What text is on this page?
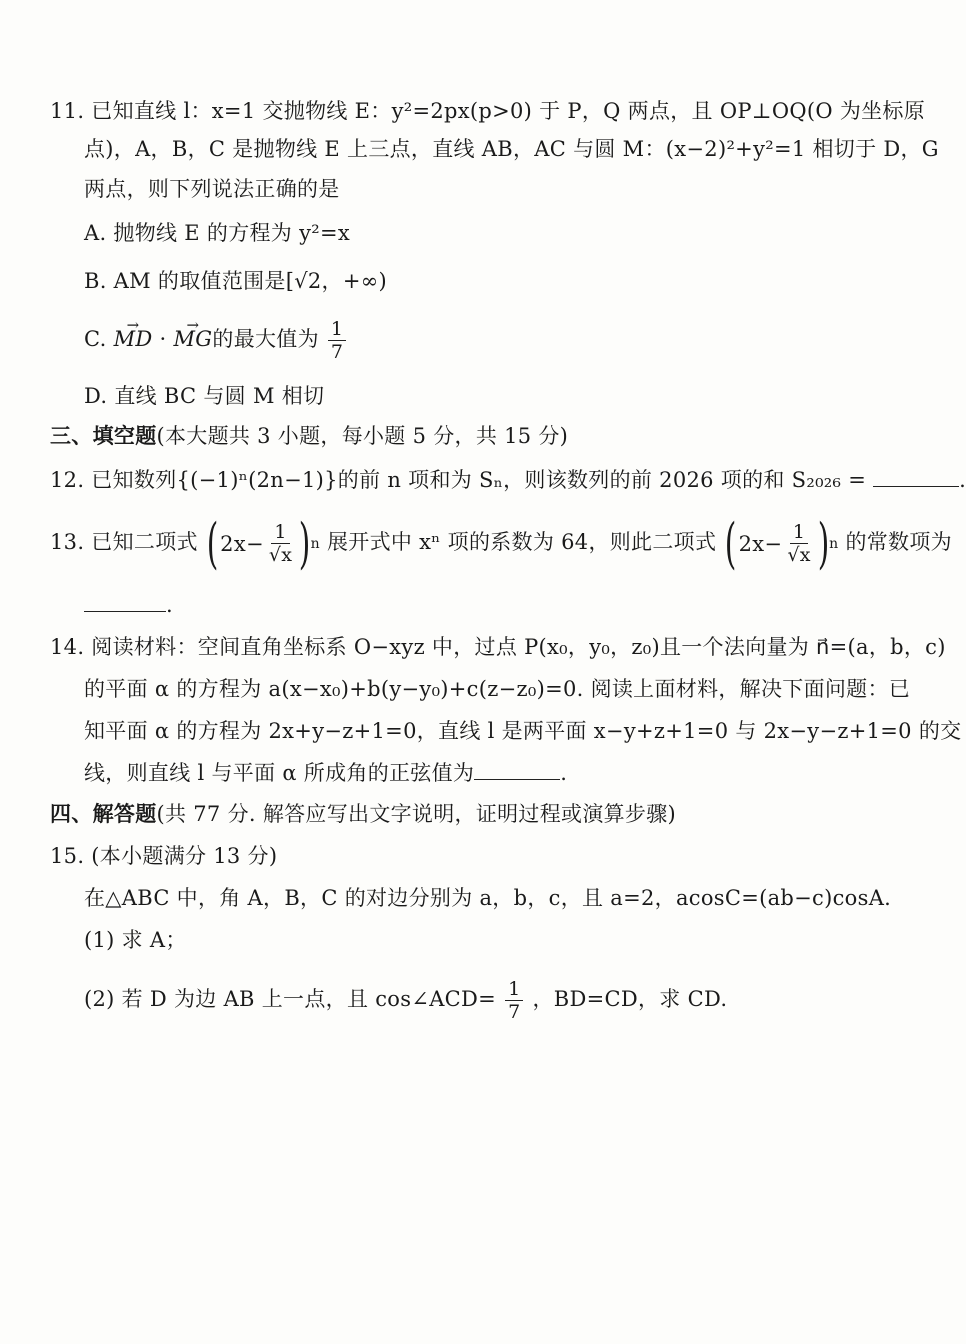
11. 已知直线 l：x=1 交抛物线 E：y²=2px(p>0) 于 P，Q 两点，且 OP⊥OQ(O 为坐标原
点)，A，B，C 是抛物线 E 上三点，直线 AB，AC 与圆 M：(x−2)²+y²=1 相切于 D，G
两点，则下列说法正确的是
A. 抛物线 E 的方程为 y²=x
B. AM 的取值范围是[√2，+∞)
C. → MD · → MG的最大值为 $\frac{1}{7}$
D. 直线 BC 与圆 M 相切
三、填空题(本大题共 3 小题，每小题 5 分，共 15 分)
12. 已知数列{(−1)ⁿ(2n−1)}的前 n 项和为 Sₙ，则该数列的前 2026 项的和 S₂₀₂₆ =	.
13. 已知二项式 ( $2x- \frac{1}{√x}$ ) n 展开式中 xⁿ 项的系数为 64，则此二项式 ( $2x- \frac{1}{√x}$ ) n 的常数项为
.
14. 阅读材料：空间直角坐标系 O−xyz 中，过点 P(x₀，y₀，z₀)且一个法向量为 n⃗=(a，b，c)
的平面 α 的方程为 a(x−x₀)+b(y−y₀)+c(z−z₀)=0. 阅读上面材料，解决下面问题：已
知平面 α 的方程为 2x+y−z+1=0，直线 l 是两平面 x−y+z+1=0 与 2x−y−z+1=0 的交
线，则直线 l 与平面 α 所成角的正弦值为	.
四、解答题(共 77 分. 解答应写出文字说明，证明过程或演算步骤)
15. (本小题满分 13 分)
在△ABC 中，角 A，B，C 的对边分别为 a，b，c，且 a=2，acosC=(ab−c)cosA.
(1) 求 A；
(2) 若 D 为边 AB 上一点，且 cos∠ACD= $\frac{1}{7}$ ，BD=CD，求 CD.
